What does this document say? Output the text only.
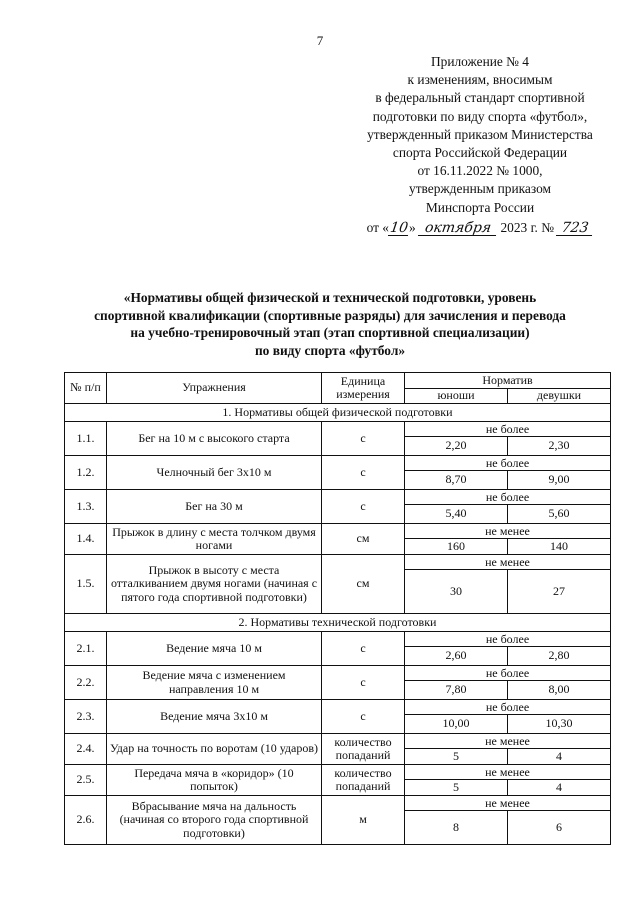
7
Приложение № 4
к изменениям, вносимым
в федеральный стандарт спортивной
подготовки по виду спорта «футбол»,
утвержденный приказом Министерства
спорта Российской Федерации
от 16.11.2022 № 1000,
утвержденным приказом
Минспорта России
от «10» октября 2023 г. № 723
«Нормативы общей физической и технической подготовки, уровень
спортивной квалификации (спортивные разряды) для зачисления и перевода
на учебно-тренировочный этап (этап спортивной специализации)
по виду спорта «футбол»
№ п/п	Упражнения	Единица измерения	Норматив	
			юноши	девушки
1. Нормативы общей физической подготовки				
1.1.	Бег на 10 м с высокого старта	с	не более	
			2,20	2,30
1.2.	Челночный бег 3х10 м	с	не более	
			8,70	9,00
1.3.	Бег на 30 м	с	не более	
			5,40	5,60
1.4.	Прыжок в длину с места толчком двумя ногами	см	не менее	
			160	140
1.5.	Прыжок в высоту с места отталкиванием двумя ногами (начиная с пятого года спортивной подготовки)	см	не менее	
			30	27
2. Нормативы технической подготовки				
2.1.	Ведение мяча 10 м	с	не более	
			2,60	2,80
2.2.	Ведение мяча с изменением направления 10 м	с	не более	
			7,80	8,00
2.3.	Ведение мяча 3х10 м	с	не более	
			10,00	10,30
2.4.	Удар на точность по воротам (10 ударов)	количество попаданий	не менее	
			5	4
2.5.	Передача мяча в «коридор» (10 попыток)	количество попаданий	не менее	
			5	4
2.6.	Вбрасывание мяча на дальность (начиная со второго года спортивной подготовки)	м	не менее	
			8	6
